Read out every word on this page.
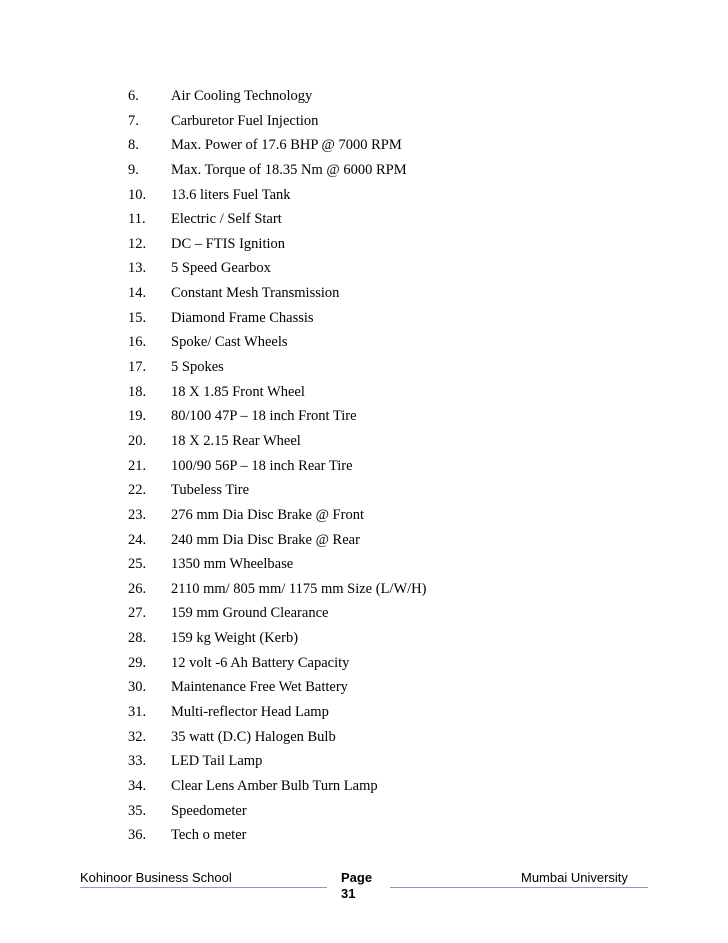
6. Air Cooling Technology
7. Carburetor Fuel Injection
8. Max. Power of 17.6 BHP @ 7000 RPM
9. Max. Torque of 18.35 Nm @ 6000 RPM
10. 13.6 liters Fuel Tank
11. Electric / Self Start
12. DC – FTIS Ignition
13. 5 Speed Gearbox
14. Constant Mesh Transmission
15. Diamond Frame Chassis
16. Spoke/ Cast Wheels
17. 5 Spokes
18. 18 X 1.85 Front Wheel
19. 80/100 47P – 18 inch Front Tire
20. 18 X 2.15 Rear Wheel
21. 100/90 56P – 18 inch Rear Tire
22. Tubeless Tire
23. 276 mm Dia Disc Brake @ Front
24. 240 mm Dia Disc Brake @ Rear
25. 1350 mm Wheelbase
26. 2110 mm/ 805 mm/ 1175 mm Size (L/W/H)
27. 159 mm Ground Clearance
28. 159 kg Weight (Kerb)
29. 12 volt -6 Ah Battery Capacity
30. Maintenance Free Wet Battery
31. Multi-reflector Head Lamp
32. 35 watt (D.C) Halogen Bulb
33. LED Tail Lamp
34. Clear Lens Amber Bulb Turn Lamp
35. Speedometer
36. Tech o meter
Kohinoor Business School	Page
31
Mumbai University
